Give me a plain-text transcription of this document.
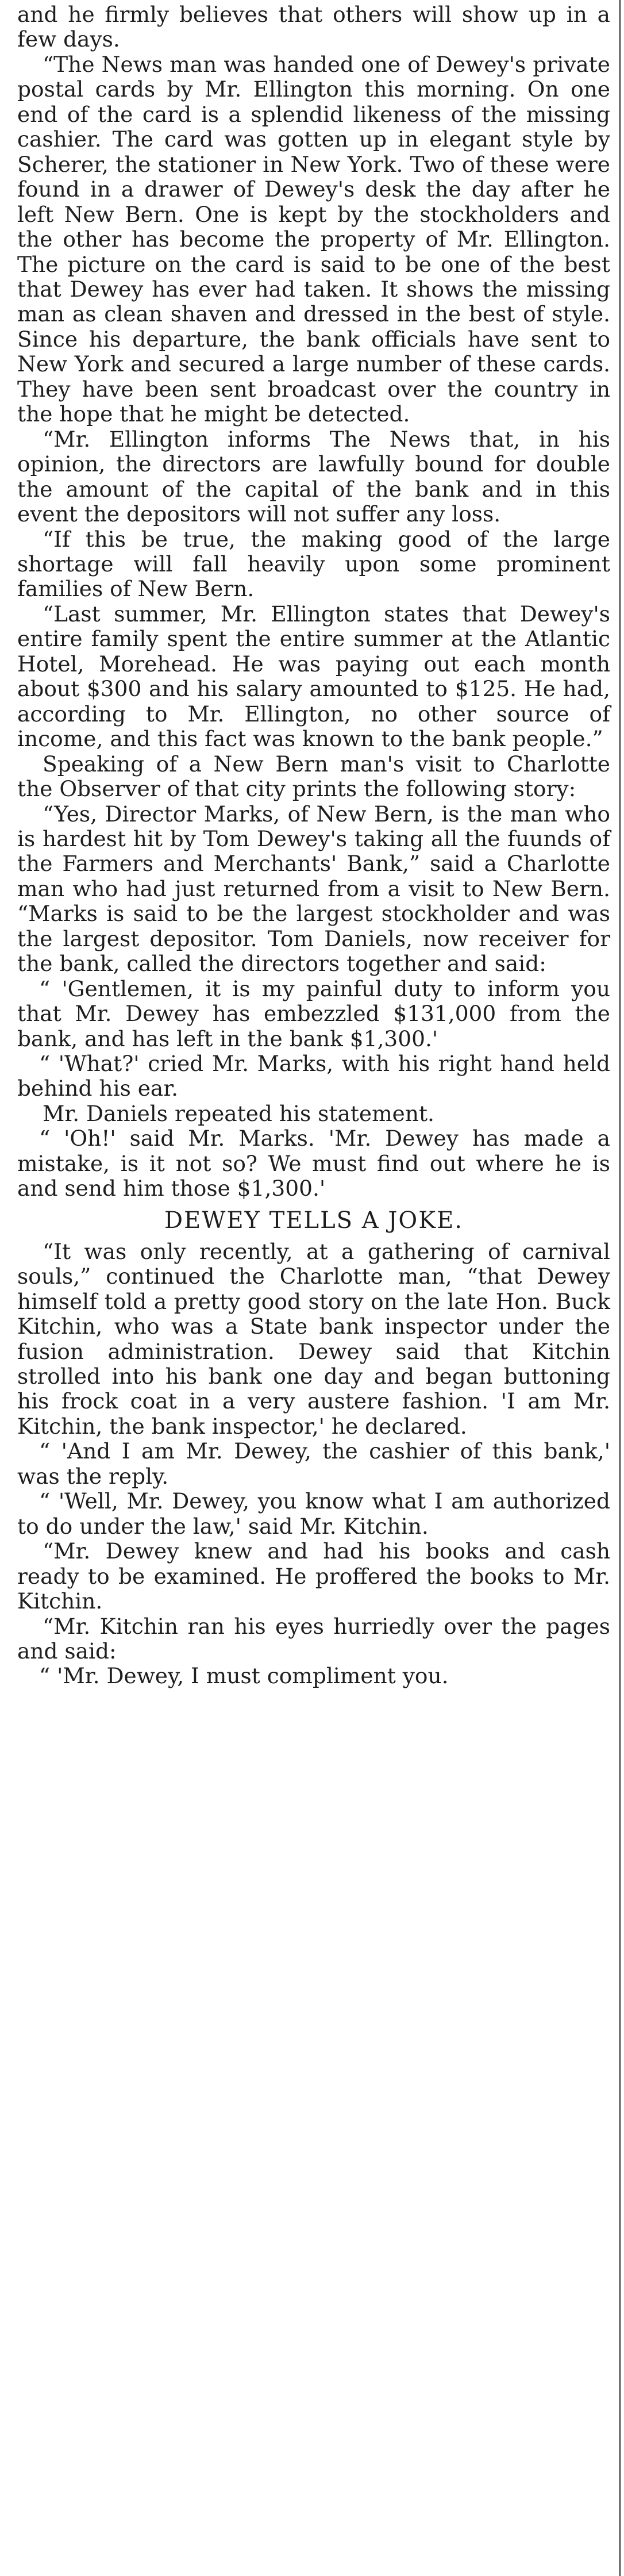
and he firmly believes that others will show up in a few days.

“The News man was handed one of Dewey's private postal cards by Mr. Ellington this morning. On one end of the card is a splendid likeness of the missing cashier. The card was gotten up in elegant style by Scherer, the stationer in New York. Two of these were found in a drawer of Dewey's desk the day after he left New Bern. One is kept by the stockholders and the other has become the property of Mr. Ellington. The picture on the card is said to be one of the best that Dewey has ever had taken. It shows the missing man as clean shaven and dressed in the best of style. Since his departure, the bank officials have sent to New York and secured a large number of these cards. They have been sent broadcast over the country in the hope that he might be detected.

“Mr. Ellington informs The News that, in his opinion, the directors are lawfully bound for double the amount of the capital of the bank and in this event the depositors will not suffer any loss.

“If this be true, the making good of the large shortage will fall heavily upon some prominent families of New Bern.

“Last summer, Mr. Ellington states that Dewey's entire family spent the entire summer at the Atlantic Hotel, Morehead. He was paying out each month about $300 and his salary amounted to $125. He had, according to Mr. Ellington, no other source of income, and this fact was known to the bank people.”

Speaking of a New Bern man's visit to Charlotte the Observer of that city prints the following story:

“Yes, Director Marks, of New Bern, is the man who is hardest hit by Tom Dewey's taking all the fuunds of the Farmers and Merchants' Bank,” said a Charlotte man who had just returned from a visit to New Bern. “Marks is said to be the largest stockholder and was the largest depositor. Tom Daniels, now receiver for the bank, called the directors together and said:

“ 'Gentlemen, it is my painful duty to inform you that Mr. Dewey has embezzled $131,000 from the bank, and has left in the bank $1,300.'

“ 'What?' cried Mr. Marks, with his right hand held behind his ear.

Mr. Daniels repeated his statement.

“ 'Oh!' said Mr. Marks. 'Mr. Dewey has made a mistake, is it not so? We must find out where he is and send him those $1,300.'

DEWEY TELLS A JOKE.

“It was only recently, at a gathering of carnival souls,” continued the Charlotte man, “that Dewey himself told a pretty good story on the late Hon. Buck Kitchin, who was a State bank inspector under the fusion administration. Dewey said that Kitchin strolled into his bank one day and began buttoning his frock coat in a very austere fashion. 'I am Mr. Kitchin, the bank inspector,' he declared.

“ 'And I am Mr. Dewey, the cashier of this bank,' was the reply.

“ 'Well, Mr. Dewey, you know what I am authorized to do under the law,' said Mr. Kitchin.

“Mr. Dewey knew and had his books and cash ready to be examined. He proffered the books to Mr. Kitchin.

“Mr. Kitchin ran his eyes hurriedly over the pages and said:

“ 'Mr. Dewey, I must compliment you.
